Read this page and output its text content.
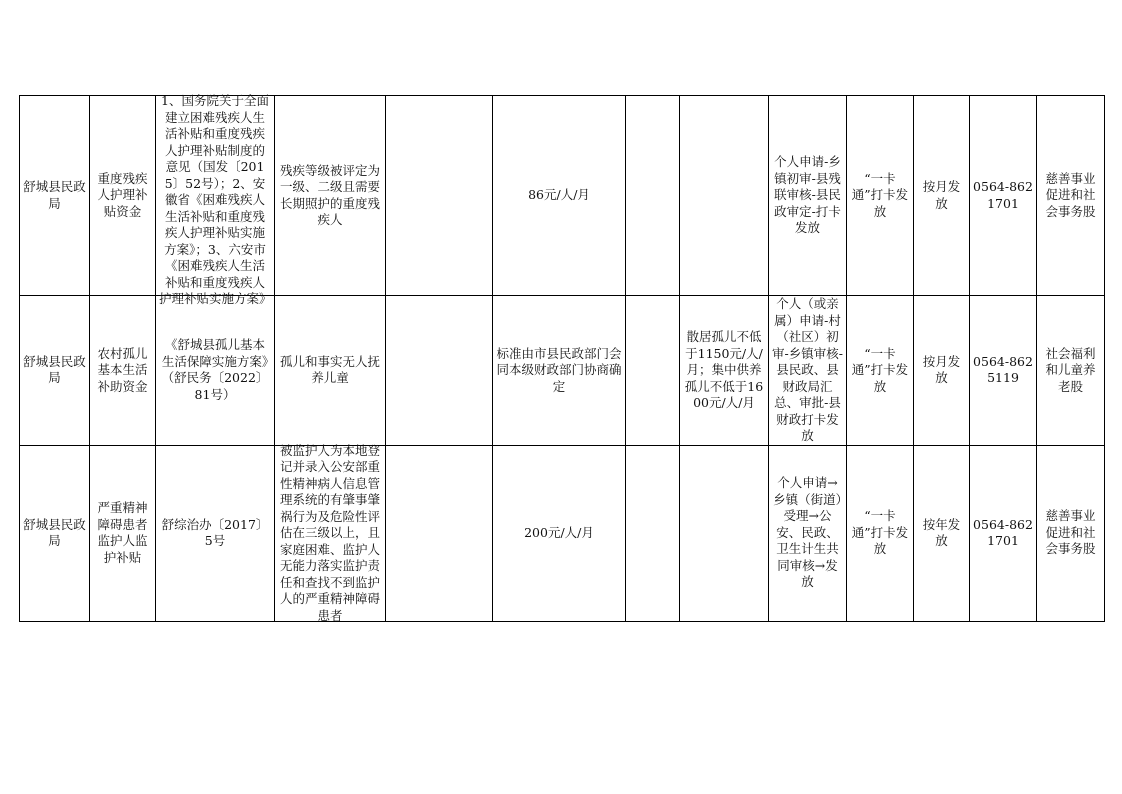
舒城县民政局	重度残疾人护理补贴资金	1、国务院关于全面建立困难残疾人生活补贴和重度残疾人护理补贴制度的意见（国发〔2015〕52号）；2、安徽省《困难残疾人生活补贴和重度残疾人护理补贴实施方案》；3、六安市《困难残疾人生活补贴和重度残疾人护理补贴实施方案》	残疾等级被评定为一级、二级且需要长期照护的重度残疾人		86元/人/月			个人申请-乡镇初审-县残联审核-县民政审定-打卡发放	“一卡通”打卡发放	按月发放	0564-8621701	慈善事业促进和社会事务股
舒城县民政局	农村孤儿基本生活补助资金	《舒城县孤儿基本生活保障实施方案》（舒民务〔2022〕81号）	孤儿和事实无人抚养儿童		标准由市县民政部门会同本级财政部门协商确定		散居孤儿不低于1150元/人/月；集中供养孤儿不低于1600元/人/月	个人（或亲属）申请-村（社区）初审-乡镇审核-县民政、县财政局汇总、审批-县财政打卡发放	“一卡通”打卡发放	按月发放	0564-8625119	社会福利和儿童养老股
舒城县民政局	严重精神障碍患者监护人监护补贴	舒综治办〔2017〕5号	被监护人为本地登记并录入公安部重性精神病人信息管理系统的有肇事肇祸行为及危险性评估在三级以上，且家庭困难、监护人无能力落实监护责任和查找不到监护人的严重精神障碍患者		200元/人/月			个人申请→乡镇（街道）受理→公安、民政、卫生计生共同审核→发放	“一卡通”打卡发放	按年发放	0564-8621701	慈善事业促进和社会事务股
